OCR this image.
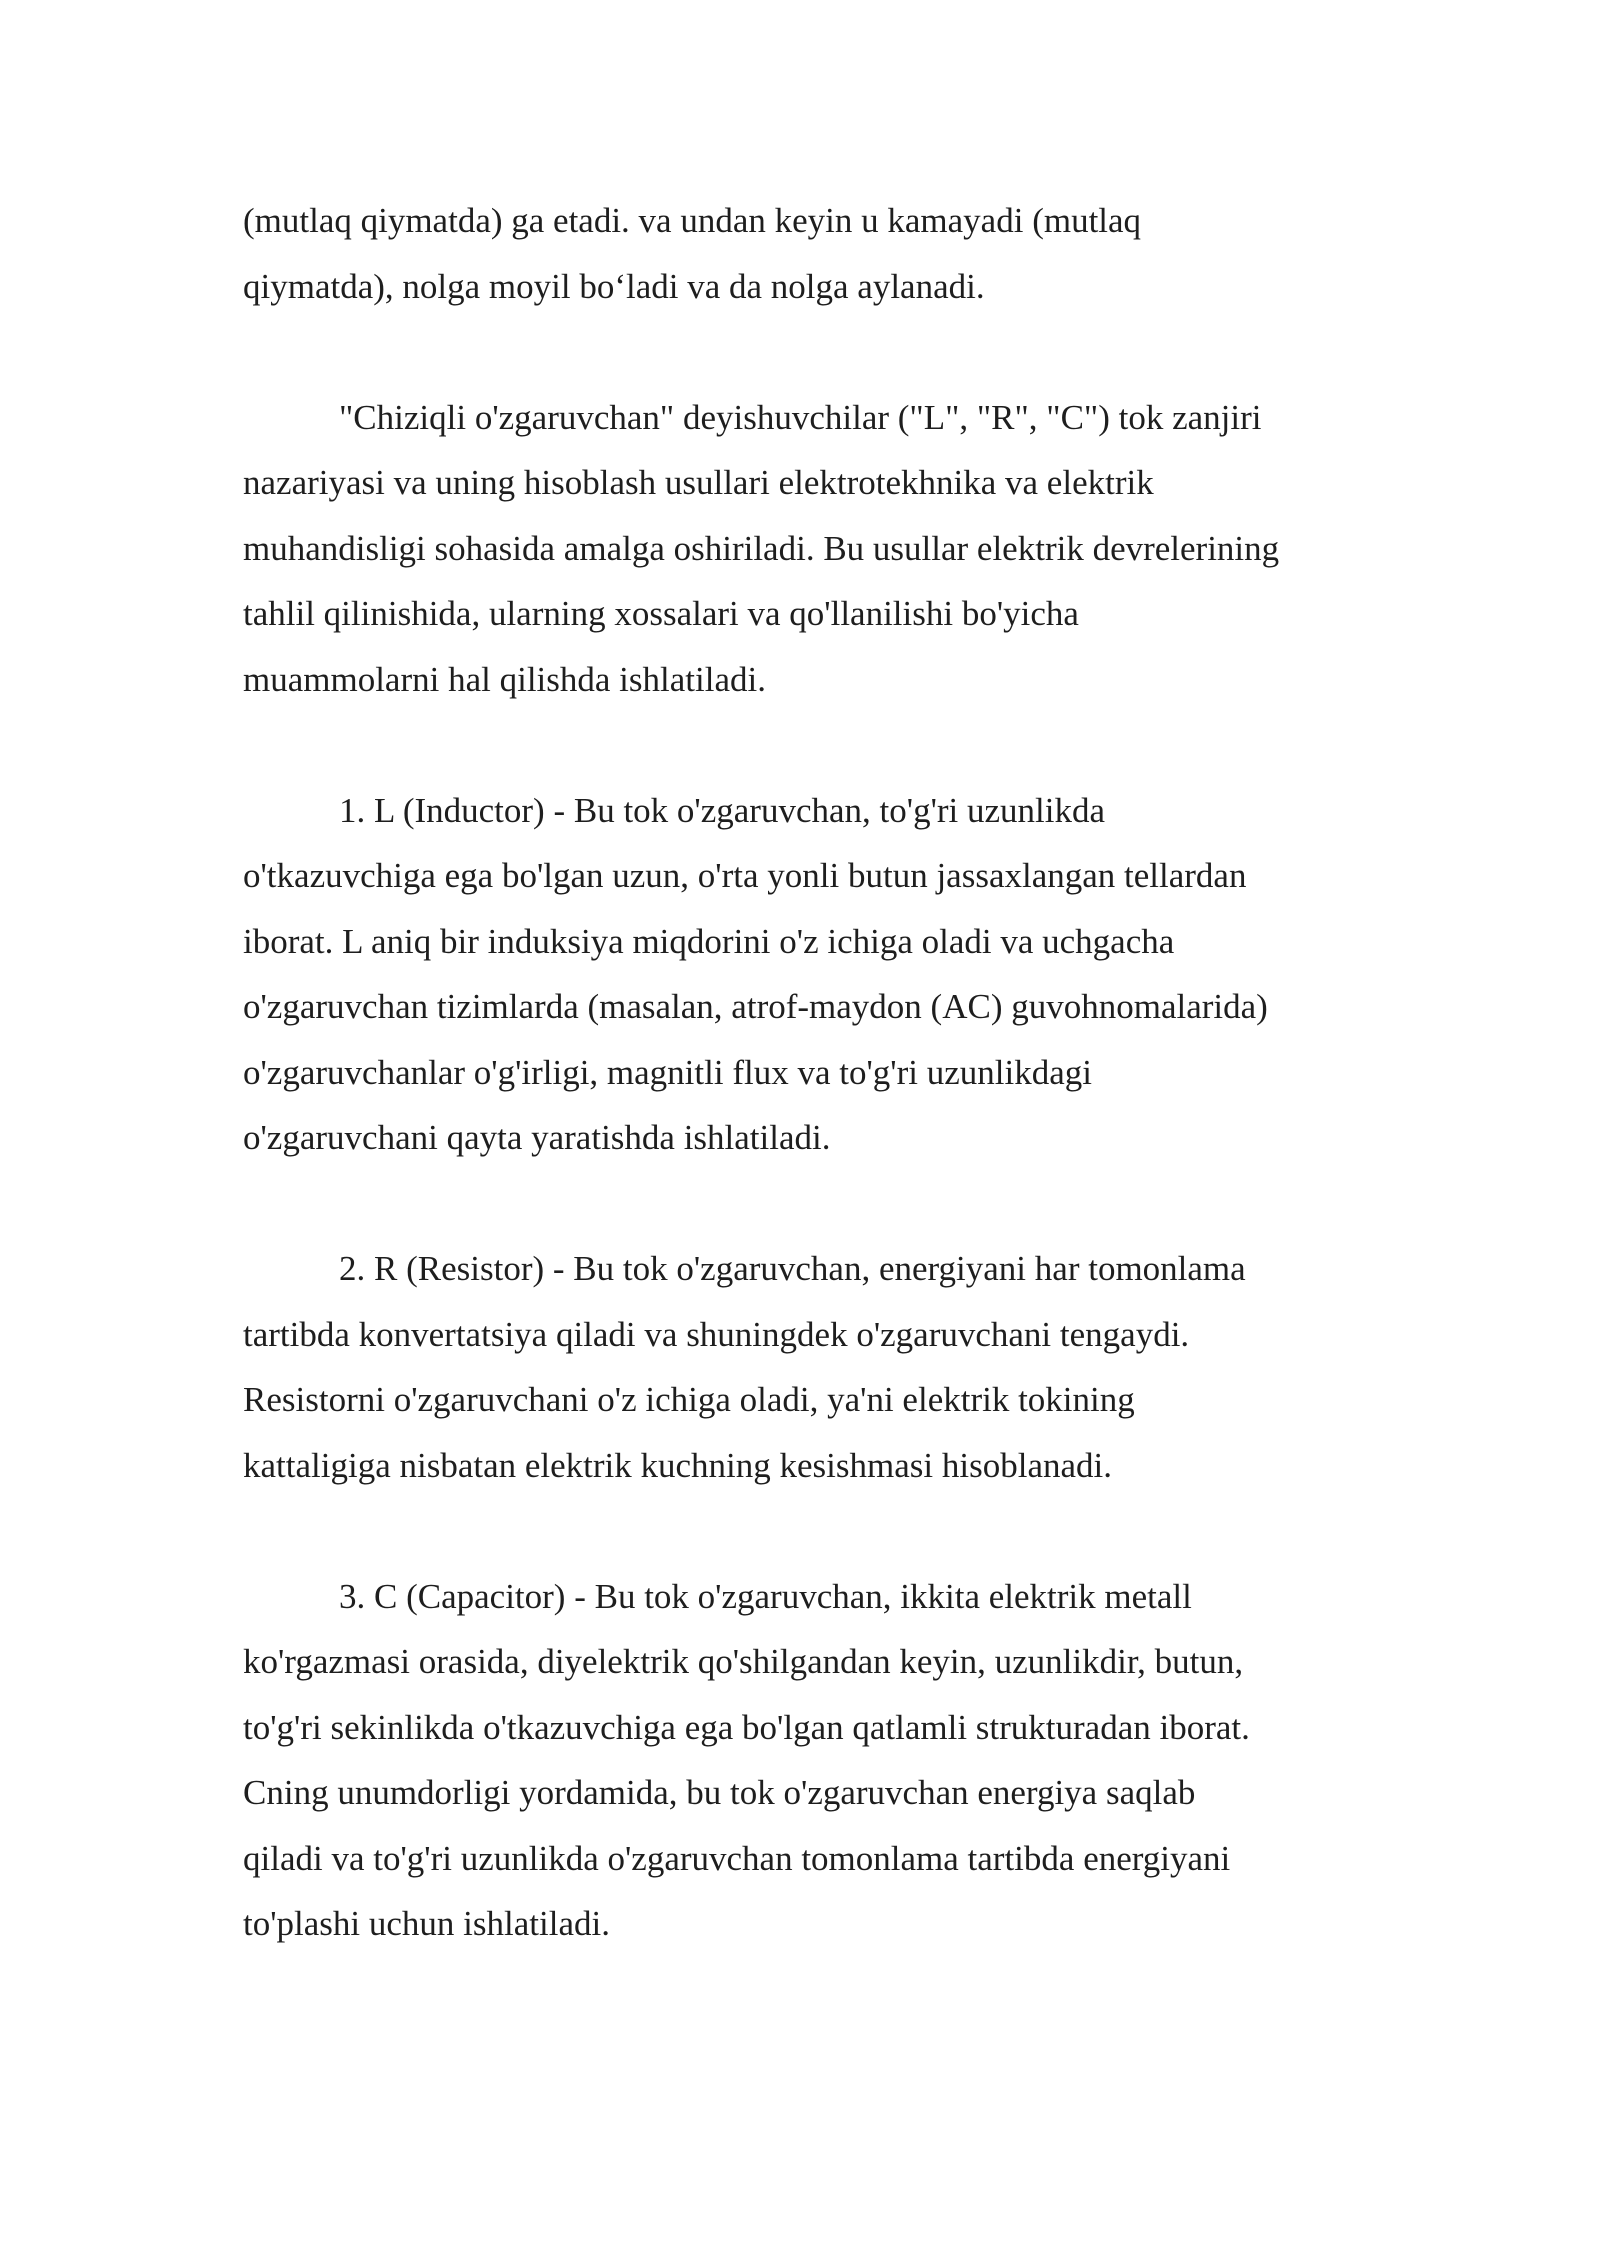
(mutlaq qiymatda) ga etadi. va undan keyin u kamayadi (mutlaq
qiymatda), nolga moyil bo‘ladi va da nolga aylanadi.

"Chiziqli o'zgaruvchan" deyishuvchilar ("L", "R", "C") tok zanjiri
nazariyasi va uning hisoblash usullari elektrotekhnika va elektrik
muhandisligi sohasida amalga oshiriladi. Bu usullar elektrik devrelerining
tahlil qilinishida, ularning xossalari va qo'llanilishi bo'yicha
muammolarni hal qilishda ishlatiladi.

1. L (Inductor) - Bu tok o'zgaruvchan, to'g'ri uzunlikda
o'tkazuvchiga ega bo'lgan uzun, o'rta yonli butun jassaxlangan tellardan
iborat. L aniq bir induksiya miqdorini o'z ichiga oladi va uchgacha
o'zgaruvchan tizimlarda (masalan, atrof-maydon (AC) guvohnomalarida)
o'zgaruvchanlar o'g'irligi, magnitli flux va to'g'ri uzunlikdagi
o'zgaruvchani qayta yaratishda ishlatiladi.

2. R (Resistor) - Bu tok o'zgaruvchan, energiyani har tomonlama
tartibda konvertatsiya qiladi va shuningdek o'zgaruvchani tengaydi.
Resistorni o'zgaruvchani o'z ichiga oladi, ya'ni elektrik tokining
kattaligiga nisbatan elektrik kuchning kesishmasi hisoblanadi.

3. C (Capacitor) - Bu tok o'zgaruvchan, ikkita elektrik metall
ko'rgazmasi orasida, diyelektrik qo'shilgandan keyin, uzunlikdir, butun,
to'g'ri sekinlikda o'tkazuvchiga ega bo'lgan qatlamli strukturadan iborat.
Cning unumdorligi yordamida, bu tok o'zgaruvchan energiya saqlab
qiladi va to'g'ri uzunlikda o'zgaruvchan tomonlama tartibda energiyani
to'plashi uchun ishlatiladi.
